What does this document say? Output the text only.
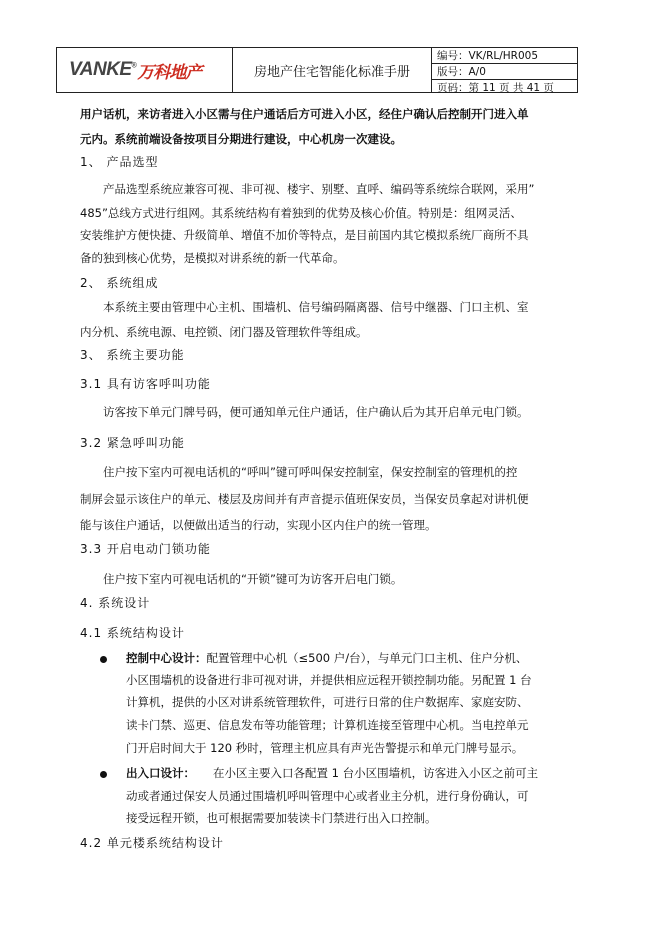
VANKE® 万科地产	房地产住宅智能化标准手册
编号：VK/RL/HR005
版号：A/0
页码：第 11 页 共 41 页
用户话机，来访者进入小区需与住户通话后方可进入小区，经住户确认后控制开门进入单
元内。系统前端设备按项目分期进行建设，中心机房一次建设。
1、 产品选型
产品选型系统应兼容可视、非可视、楼宇、别墅、直呼、编码等系统综合联网，采用”
485”总线方式进行组网。其系统结构有着独到的优势及核心价值。特别是：组网灵活、
安装维护方便快捷、升级简单、增值不加价等特点，是目前国内其它模拟系统厂商所不具
备的独到核心优势，是模拟对讲系统的新一代革命。
2、 系统组成
本系统主要由管理中心主机、围墙机、信号编码隔离器、信号中继器、门口主机、室
内分机、系统电源、电控锁、闭门器及管理软件等组成。
3、 系统主要功能
3.1 具有访客呼叫功能
访客按下单元门牌号码，便可通知单元住户通话，住户确认后为其开启单元电门锁。
3.2 紧急呼叫功能
住户按下室内可视电话机的“呼叫”键可呼叫保安控制室，保安控制室的管理机的控
制屏会显示该住户的单元、楼层及房间并有声音提示值班保安员，当保安员拿起对讲机便
能与该住户通话，以便做出适当的行动，实现小区内住户的统一管理。
3.3 开启电动门锁功能
住户按下室内可视电话机的“开锁”键可为访客开启电门锁。
4. 系统设计
4.1 系统结构设计
控制中心设计：配置管理中心机（≤500 户/台），与单元门口主机、住户分机、
小区围墙机的设备进行非可视对讲，并提供相应远程开锁控制功能。另配置 1 台
计算机，提供的小区对讲系统管理软件，可进行日常的住户数据库、家庭安防、
读卡门禁、巡更、信息发布等功能管理；计算机连接至管理中心机。当电控单元
门开启时间大于 120 秒时，管理主机应具有声光告警提示和单元门牌号显示。
出入口设计： 在小区主要入口各配置 1 台小区围墙机，访客进入小区之前可主
动或者通过保安人员通过围墙机呼叫管理中心或者业主分机，进行身份确认，可
接受远程开锁，也可根据需要加装读卡门禁进行出入口控制。
4.2 单元楼系统结构设计
